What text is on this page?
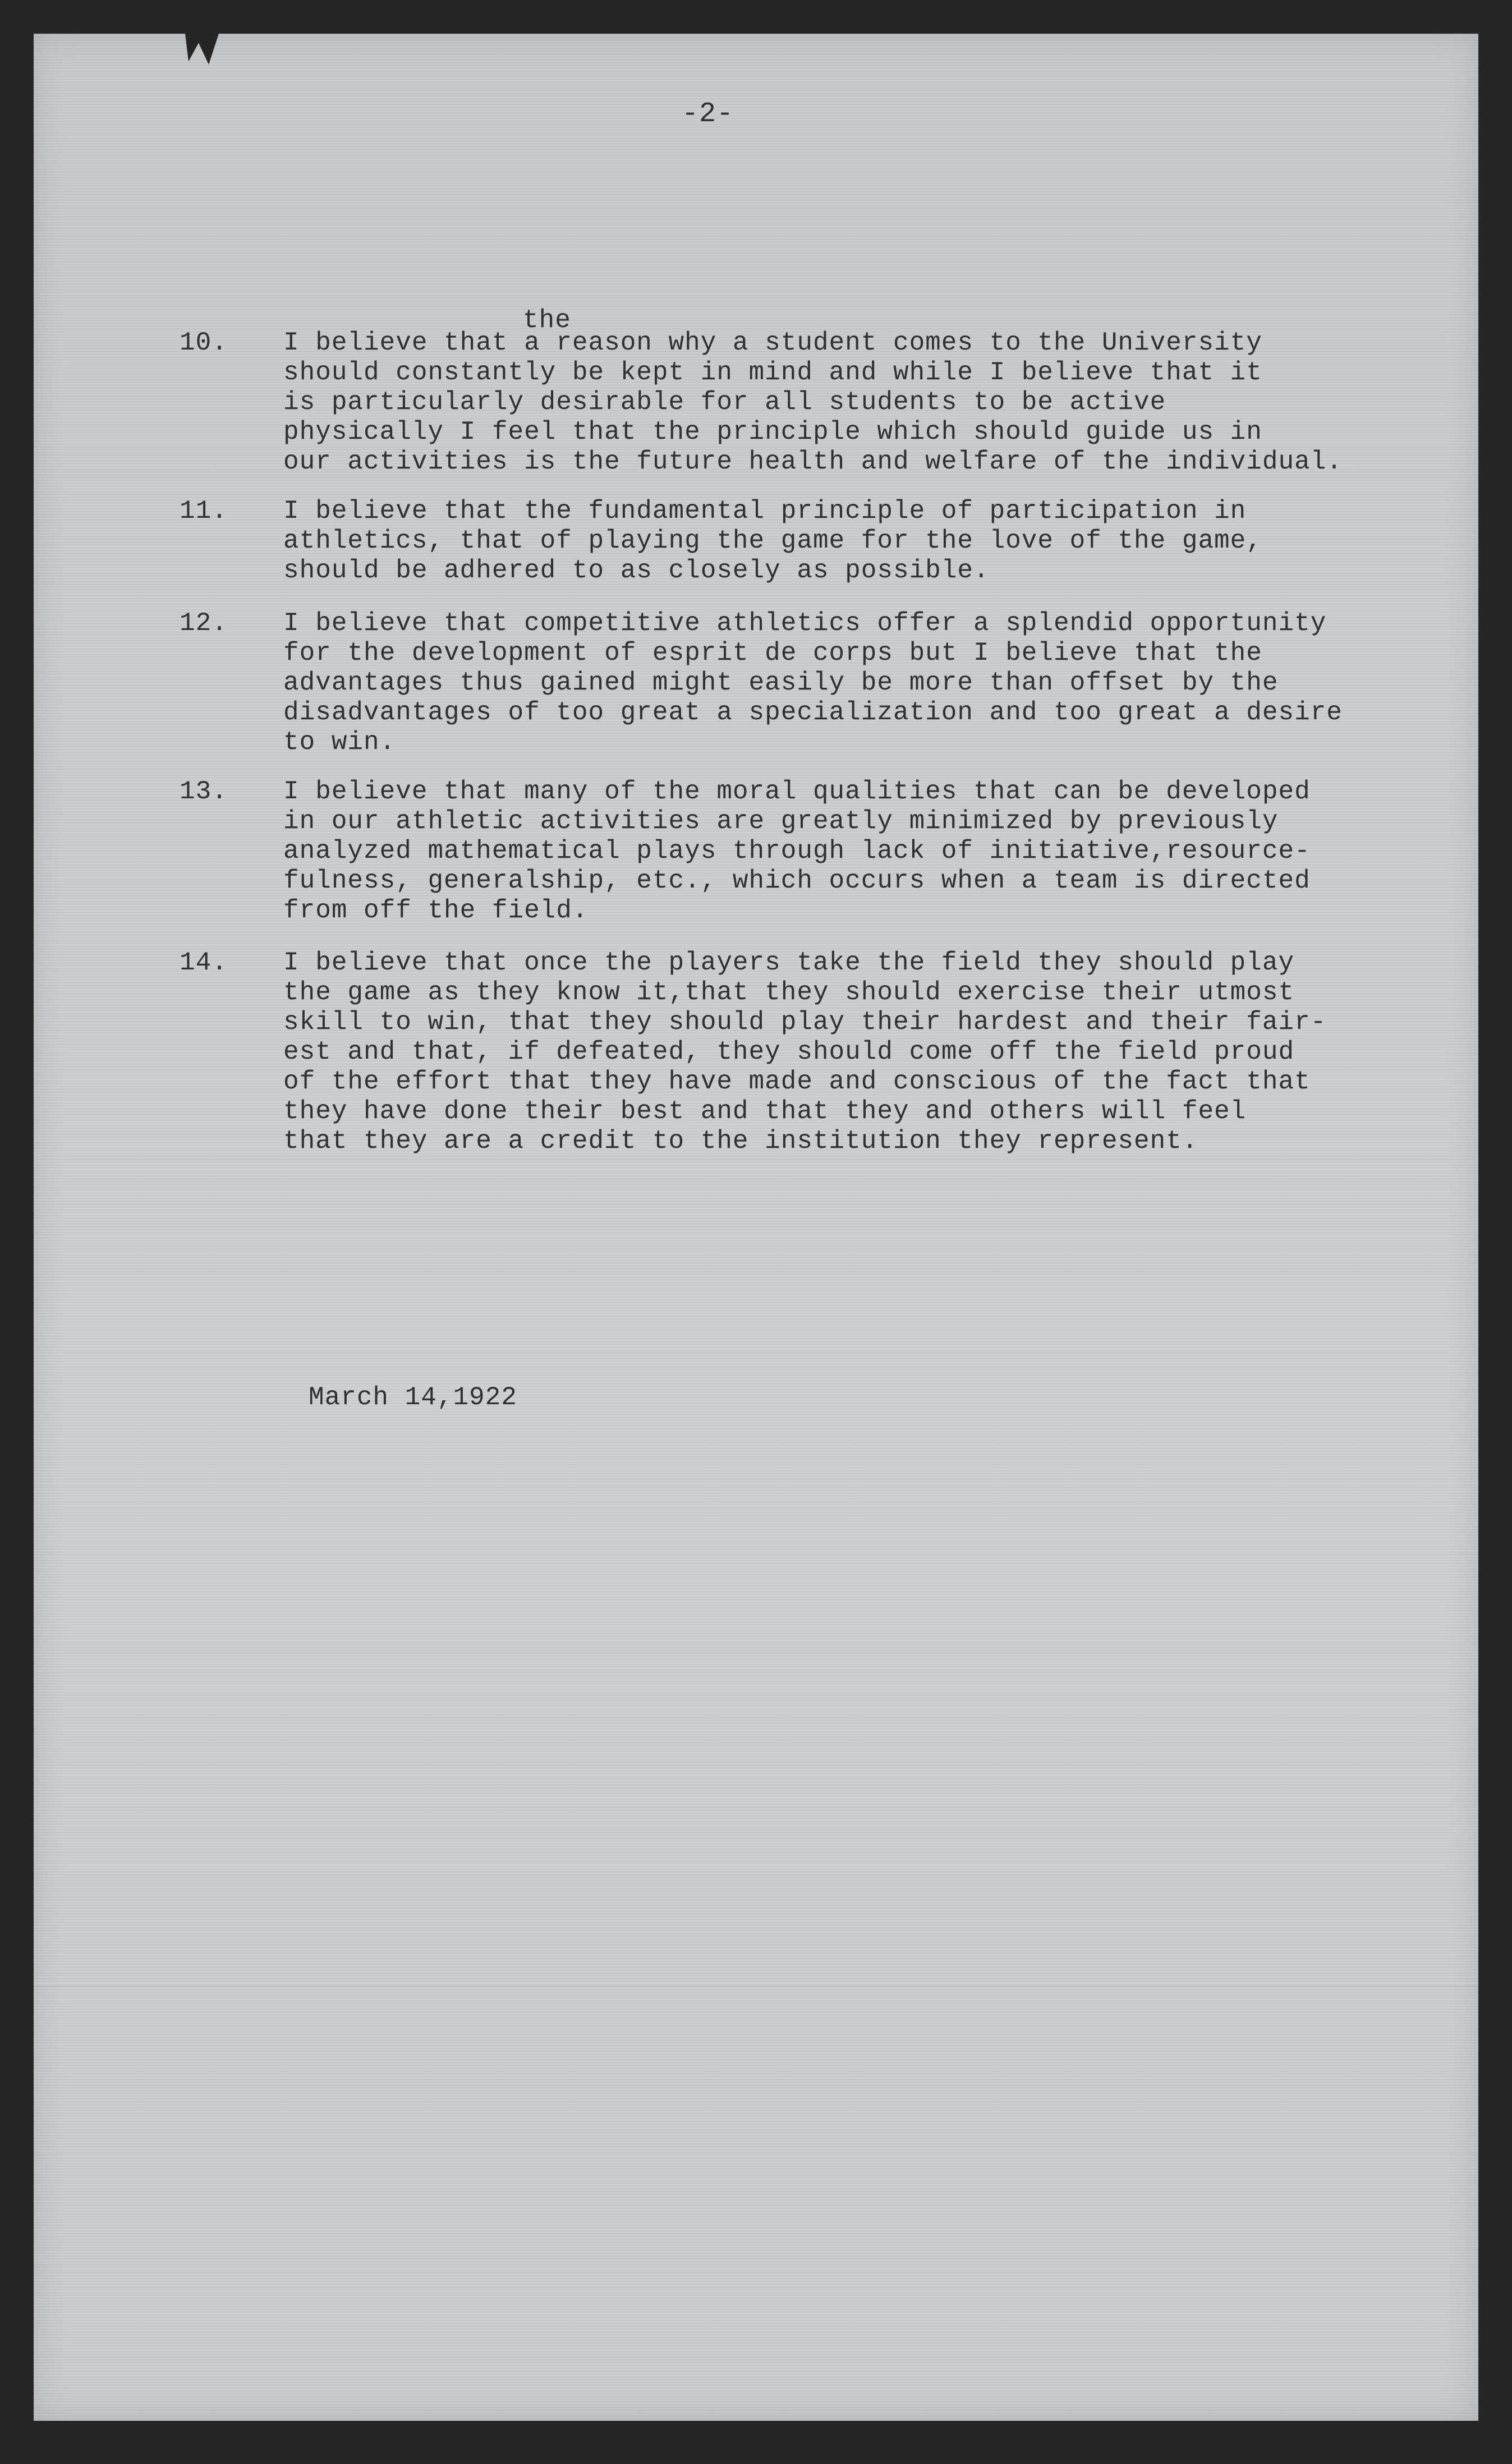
-2-
the
10. I believe that a reason why a student comes to the University
should constantly be kept in mind and while I believe that it
is particularly desirable for all students to be active
physically I feel that the principle which should guide us in
our activities is the future health and welfare of the individual.
11. I believe that the fundamental principle of participation in
athletics, that of playing the game for the love of the game,
should be adhered to as closely as possible.
12. I believe that competitive athletics offer a splendid opportunity
for the development of esprit de corps but I believe that the
advantages thus gained might easily be more than offset by the
disadvantages of too great a specialization and too great a desire
to win.
13. I believe that many of the moral qualities that can be developed
in our athletic activities are greatly minimized by previously
analyzed mathematical plays through lack of initiative,resource-
fulness, generalship, etc., which occurs when a team is directed
from off the field.
14. I believe that once the players take the field they should play
the game as they know it,that they should exercise their utmost
skill to win, that they should play their hardest and their fair-
est and that, if defeated, they should come off the field proud
of the effort that they have made and conscious of the fact that
they have done their best and that they and others will feel
that they are a credit to the institution they represent.
March 14,1922
